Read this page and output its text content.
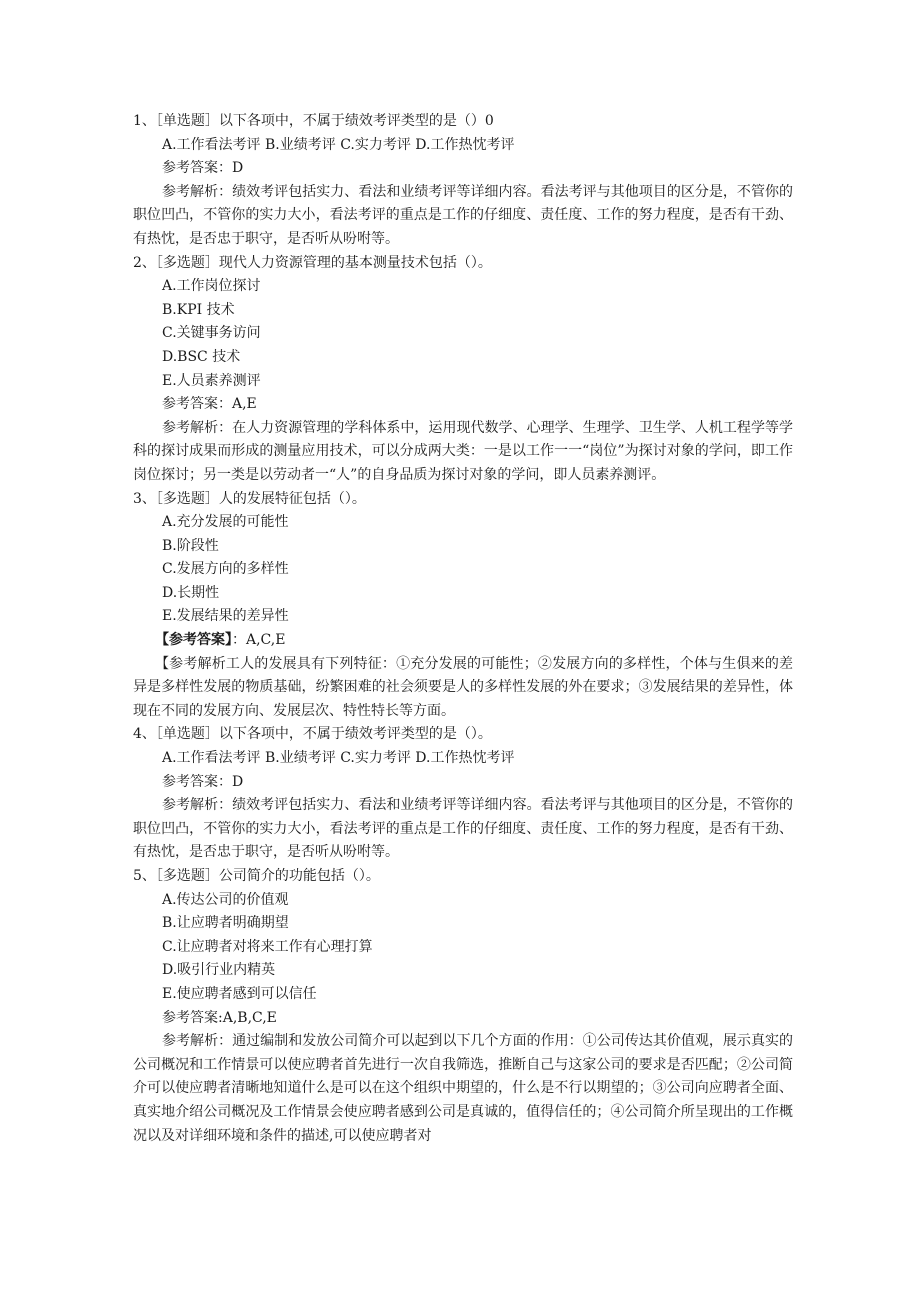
1、［单选题］以下各项中，不属于绩效考评类型的是（）0
A.工作看法考评 B.业绩考评 C.实力考评 D.工作热忱考评
参考答案：D
参考解析：绩效考评包括实力、看法和业绩考评等详细内容。看法考评与其他项目的区分是，不管你的职位凹凸，不管你的实力大小，看法考评的重点是工作的仔细度、责任度、工作的努力程度，是否有干劲、有热忱，是否忠于职守，是否听从吩咐等。
2、［多选题］现代人力资源管理的基本测量技术包括（）。
A.工作岗位探讨
B.KPI 技术
C.关键事务访问
D.BSC 技术
E.人员素养测评
参考答案：A,E
参考解析：在人力资源管理的学科体系中，运用现代数学、心理学、生理学、卫生学、人机工程学等学科的探讨成果而形成的测量应用技术，可以分成两大类：一是以工作一一“岗位”为探讨对象的学问，即工作岗位探讨；另一类是以劳动者一“人”的自身品质为探讨对象的学问，即人员素养测评。
3、［多选题］人的发展特征包括（）。
A.充分发展的可能性
B.阶段性
C.发展方向的多样性
D.长期性
E.发展结果的差异性
【参考答案】：A,C,E
【参考解析工人的发展具有下列特征：①充分发展的可能性；②发展方向的多样性，个体与生俱来的差异是多样性发展的物质基础，纷繁困难的社会须要是人的多样性发展的外在要求；③发展结果的差异性，体现在不同的发展方向、发展层次、特性特长等方面。
4、［单选题］以下各项中，不属于绩效考评类型的是（）。
A.工作看法考评 B.业绩考评 C.实力考评 D.工作热忱考评
参考答案：D
参考解析：绩效考评包括实力、看法和业绩考评等详细内容。看法考评与其他项目的区分是，不管你的职位凹凸，不管你的实力大小，看法考评的重点是工作的仔细度、责任度、工作的努力程度，是否有干劲、有热忱，是否忠于职守，是否听从吩咐等。
5、［多选题］公司简介的功能包括（）。
A.传达公司的价值观
B.让应聘者明确期望
C.让应聘者对将来工作有心理打算
D.吸引行业内精英
E.使应聘者感到可以信任
参考答案:A,B,C,E
参考解析：通过编制和发放公司简介可以起到以下几个方面的作用：①公司传达其价值观，展示真实的公司概况和工作情景可以使应聘者首先进行一次自我筛选，推断自己与这家公司的要求是否匹配；②公司简介可以使应聘者清晰地知道什么是可以在这个组织中期望的，什么是不行以期望的；③公司向应聘者全面、真实地介绍公司概况及工作情景会使应聘者感到公司是真诚的，值得信任的；④公司简介所呈现出的工作概况以及对详细环境和条件的描述,可以使应聘者对
